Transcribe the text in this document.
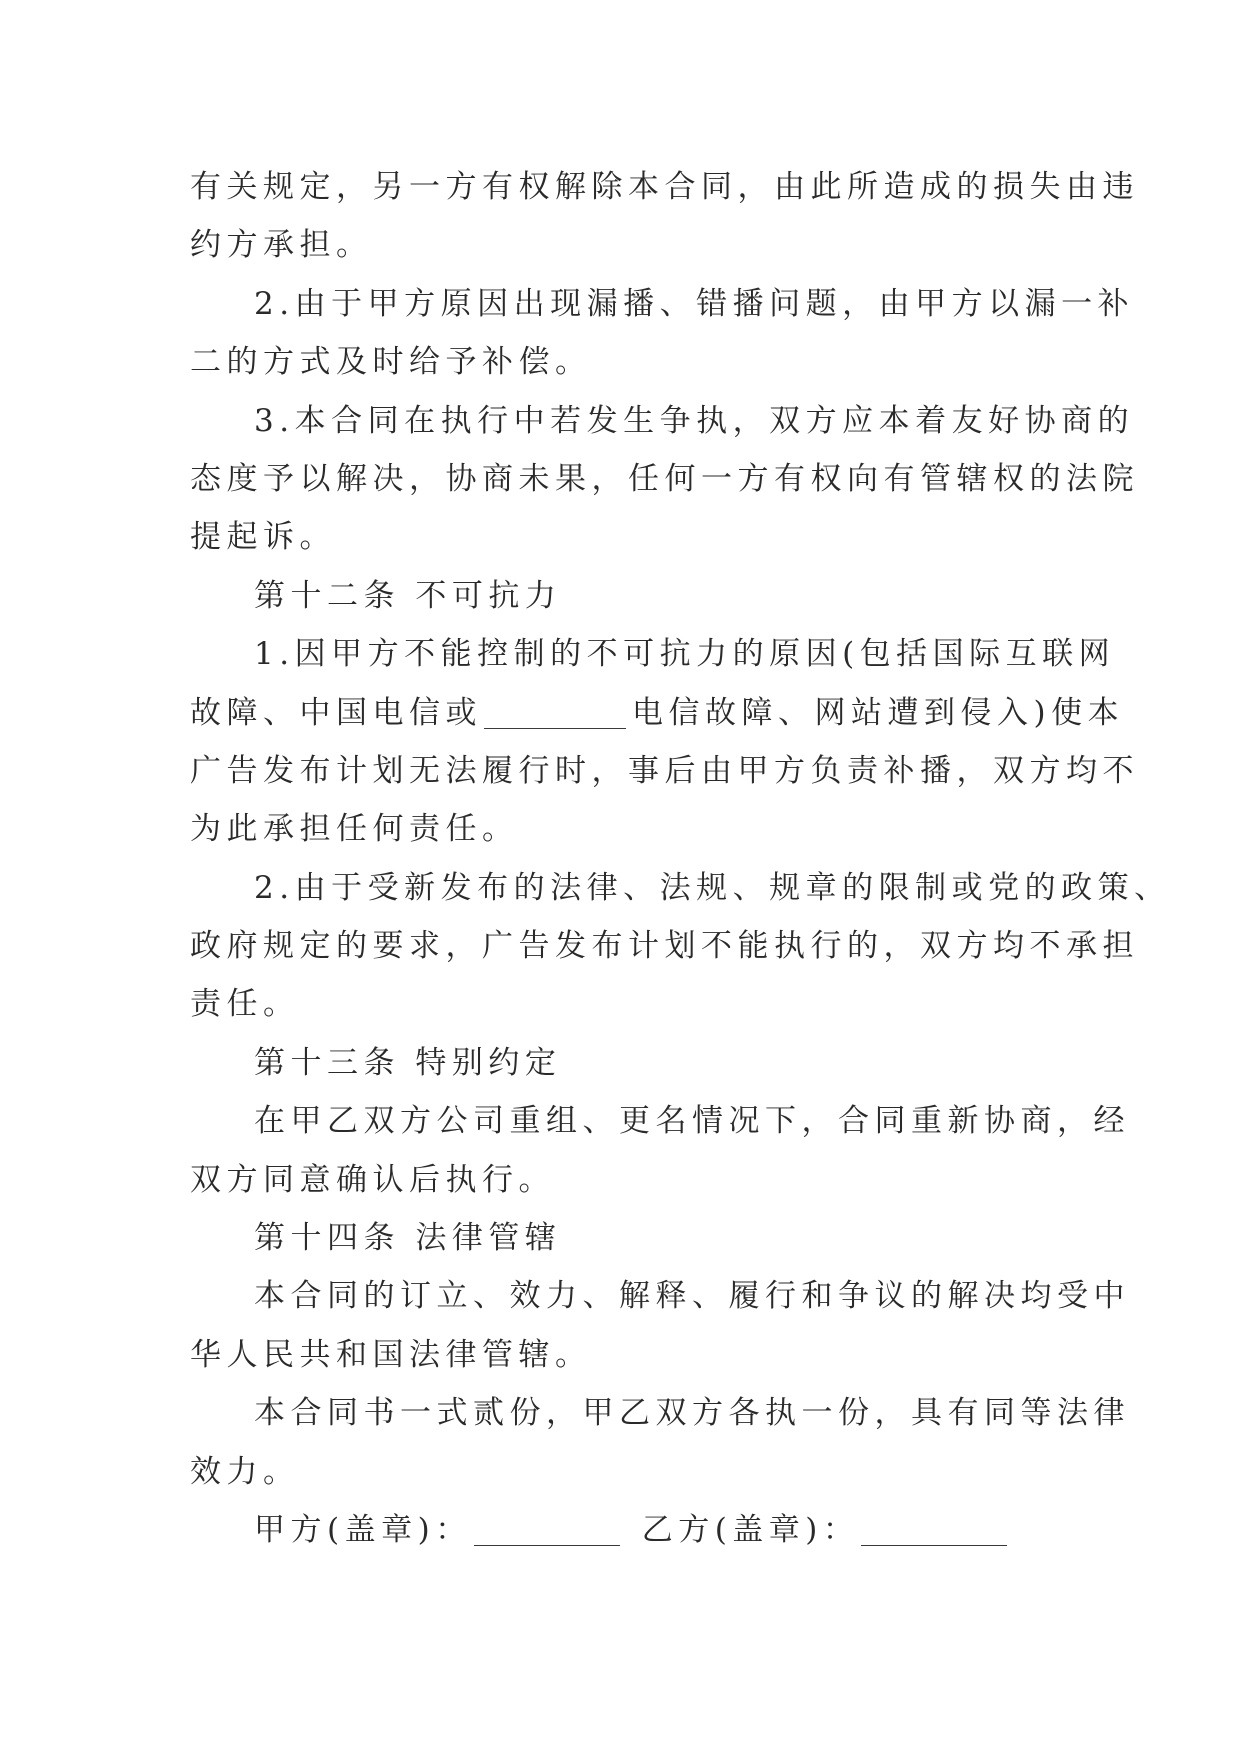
有关规定，另一方有权解除本合同，由此所造成的损失由违
约方承担。
2.由于甲方原因出现漏播、错播问题，由甲方以漏一补
二的方式及时给予补偿。
3.本合同在执行中若发生争执，双方应本着友好协商的
态度予以解决，协商未果，任何一方有权向有管辖权的法院
提起诉。
第十二条 不可抗力
1.因甲方不能控制的不可抗力的原因(包括国际互联网
故障、中国电信或	电信故障、网站遭到侵入)使本
广告发布计划无法履行时，事后由甲方负责补播，双方均不
为此承担任何责任。
2.由于受新发布的法律、法规、规章的限制或党的政策、
政府规定的要求，广告发布计划不能执行的，双方均不承担
责任。
第十三条 特别约定
在甲乙双方公司重组、更名情况下，合同重新协商，经
双方同意确认后执行。
第十四条 法律管辖
本合同的订立、效力、解释、履行和争议的解决均受中
华人民共和国法律管辖。
本合同书一式贰份，甲乙双方各执一份，具有同等法律
效力。
甲方(盖章)：	乙方(盖章)：
